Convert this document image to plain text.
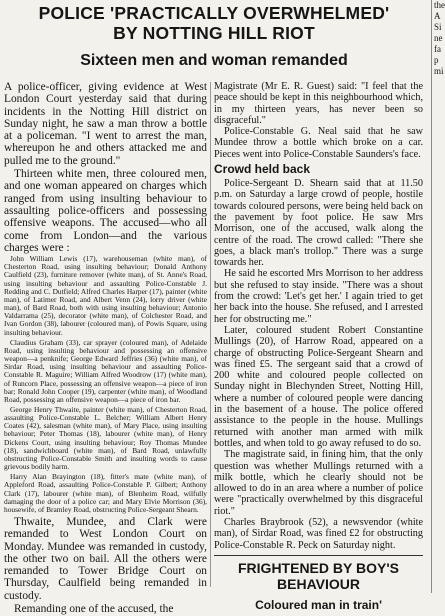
POLICE 'PRACTICALLY OVERWHELMED'
BY NOTTING HILL RIOT
Sixteen men and woman remanded

A police-officer, giving evidence at West London Court yesterday said that during incidents in the Notting Hill district on Sunday night, he saw a man throw a bottle at a policeman. "I went to arrest the man, whereupon he and others attacked me and pulled me to the ground."

Thirteen white men, three coloured men, and one woman appeared on charges which ranged from using insulting behaviour to assaulting police-officers and possessing offensive weapons. The accused—who all come from London—and the various charges were :

John William Lewis (17), warehouseman (white man), of Chesterton Road, using insulting behaviour; Donald Anthony Caulfield (23), furniture remover (white man), of St. Anne's Road, using insulting behaviour and assaulting Police-Constable J. Redding and C. Dutfield; Alfred Charles Harper (17), painter (white man), of Latimer Road, and Albert Venn (24), lorry driver (white man), of Bard Road, both with using insulting behaviour; Antonio Valdarrama (25), decorator (white man), of Colchester Road, and Ivan Gordon (38), labourer (coloured man), of Powis Square, using insulting behaviour.

Claudius Graham (33), car sprayer (coloured man), of Adelaide Road, using insulting behaviour and possessing an offensive weapon—a penknife; George Edward Jeffries (36) (white man), of Sirdar Road, using insulting behaviour and assaulting Police-Constable R. Maguire; William Alfred Woodrow (17) (white man), of Runcorn Place, possessing an offensive weapon—a piece of iron bar; Ronald John Cooper (19), carpenter (white man), of Woodland Road, possessing an offensive weapon—a piece of iron bar.

George Henry Thwaite, painter (white man), of Chesterton Road, assaulting Police-Constable L. Belcher; William Albert Henry Coates (42), salesman (white man), of Mary Place, using insulting behaviour; Peter Thomas (18), labourer (white man), of Henry Dickens Court, using insulting behaviour; Roy Thomas Mundee (18), sandwichboard (white man), of Bard Road, unlawfully obstructing Police-Constable Smith and insulting words to cause grievous bodily harm.

Harry Alan Brayington (18), fitter's mate (white man), of Appleford Road, assaulting Police-Constable P. Gilbert; Anthony Clark (17), labourer (white man), of Blenheim Road, wilfully damaging the door of a police car; and Mary Elvie Morrison (36), housewife, of Bramley Road, obstructing Police-Sergeant Shearn.

Thwaite, Mundee, and Clark were remanded to West London Court on Monday. Mundee was remanded in custody, the other two on bail. All the others were remanded to Tower Bridge Court on Thursday, Caulfield being remanded in custody.

Remanding one of the accused, the

Magistrate (Mr E. R. Guest) said: "I feel that the peace should be kept in this neighbourhood which, in my thirteen years, has never been so disgraceful."

Police-Constable G. Neal said that he saw Mundee throw a bottle which broke on a car. Pieces went into Police-Constable Saunders's face.

Crowd held back

Police-Sergeant D. Shearn said that at 11.50 p.m. on Saturday a large crowd of people, hostile towards coloured persons, were being held back on the pavement by foot police. He saw Mrs Morrison, one of the accused, walk along the centre of the road. The crowd called: "There she goes, a black man's trollop." There was a surge towards her.

He said he escorted Mrs Morrison to her address but she refused to stay inside. "There was a shout from the crowd: 'Let's get her.' I again tried to get her back into the house. She refused, and I arrested her for obstructing me."

Later, coloured student Robert Constantine Mullings (20), of Harrow Road, appeared on a charge of obstructing Police-Sergeant Shearn and was fined £5. The sergeant said that a crowd of 200 white and coloured people collected on Sunday night in Blechynden Street, Notting Hill, where a number of coloured people were dancing in the basement of a house. The police offered assistance to the people in the house. Mullings returned with another man armed with milk bottles, and when told to go away refused to do so.

The magistrate said, in fining him, that the only question was whether Mullings returned with a milk bottle, which he clearly should not be allowed to do in an area where a number of police were "practically overwhelmed by this disgraceful riot."

Charles Braybrook (52), a newsvendor (white man), of Sirdar Road, was fined £2 for obstructing Police-Constable R. Peck on Saturday night.

FRIGHTENED BY BOY'S BEHAVIOUR
Coloured man in train'
the
A
Si
ne
fa
p
mi
